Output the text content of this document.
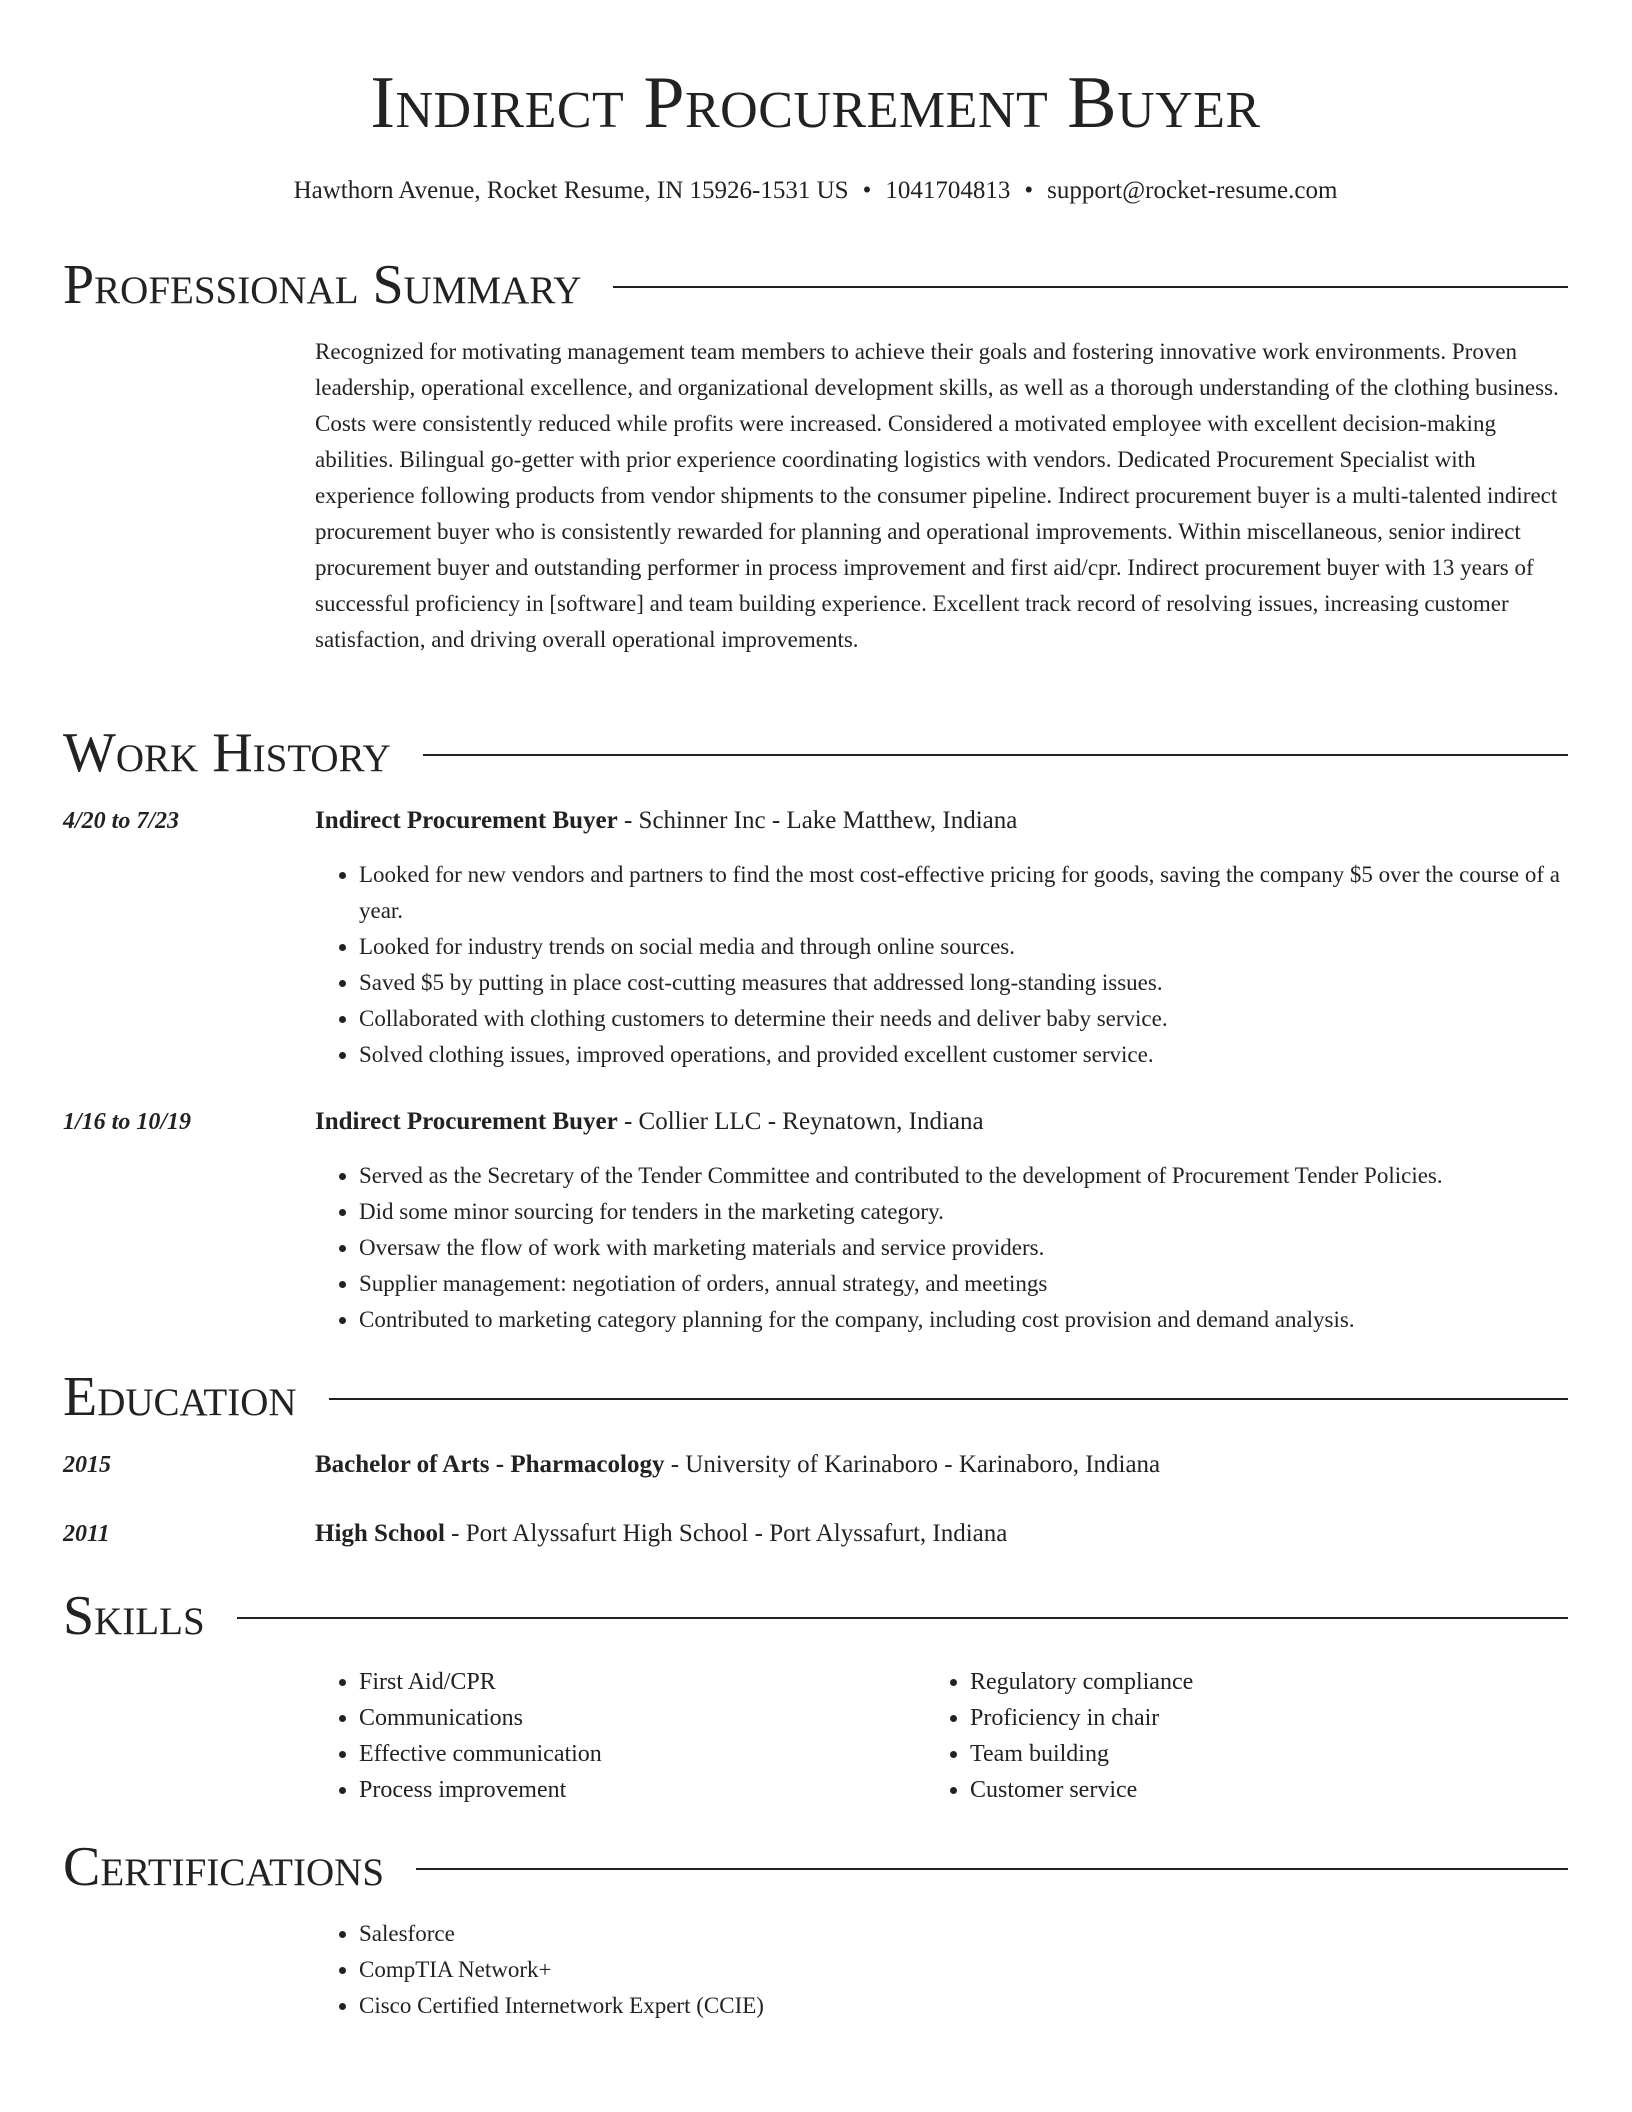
Indirect Procurement Buyer
Hawthorn Avenue, Rocket Resume, IN 15926-1531 US • 1041704813 • support@rocket-resume.com
Professional Summary

Recognized for motivating management team members to achieve their goals and fostering innovative work environments. Proven leadership, operational excellence, and organizational development skills, as well as a thorough understanding of the clothing business. Costs were consistently reduced while profits were increased. Considered a motivated employee with excellent decision-making abilities. Bilingual go-getter with prior experience coordinating logistics with vendors. Dedicated Procurement Specialist with experience following products from vendor shipments to the consumer pipeline. Indirect procurement buyer is a multi-talented indirect procurement buyer who is consistently rewarded for planning and operational improvements. Within miscellaneous, senior indirect procurement buyer and outstanding performer in process improvement and first aid/cpr. Indirect procurement buyer with 13 years of successful proficiency in [software] and team building experience. Excellent track record of resolving issues, increasing customer satisfaction, and driving overall operational improvements.

Work History
4/20 to 7/23	Indirect Procurement Buyer - Schinner Inc - Lake Matthew, Indiana
• Looked for new vendors and partners to find the most cost-effective pricing for goods, saving the company $5 over the course of a year.
• Looked for industry trends on social media and through online sources.
• Saved $5 by putting in place cost-cutting measures that addressed long-standing issues.
• Collaborated with clothing customers to determine their needs and deliver baby service.
• Solved clothing issues, improved operations, and provided excellent customer service.
1/16 to 10/19	Indirect Procurement Buyer - Collier LLC - Reynatown, Indiana
• Served as the Secretary of the Tender Committee and contributed to the development of Procurement Tender Policies.
• Did some minor sourcing for tenders in the marketing category.
• Oversaw the flow of work with marketing materials and service providers.
• Supplier management: negotiation of orders, annual strategy, and meetings
• Contributed to marketing category planning for the company, including cost provision and demand analysis.
Education
2015	Bachelor of Arts - Pharmacology - University of Karinaboro - Karinaboro, Indiana
2011	High School - Port Alyssafurt High School - Port Alyssafurt, Indiana
Skills
• First Aid/CPR
• Communications
• Effective communication
• Process improvement
• Regulatory compliance
• Proficiency in chair
• Team building
• Customer service
Certifications
• Salesforce
• CompTIA Network+
• Cisco Certified Internetwork Expert (CCIE)
